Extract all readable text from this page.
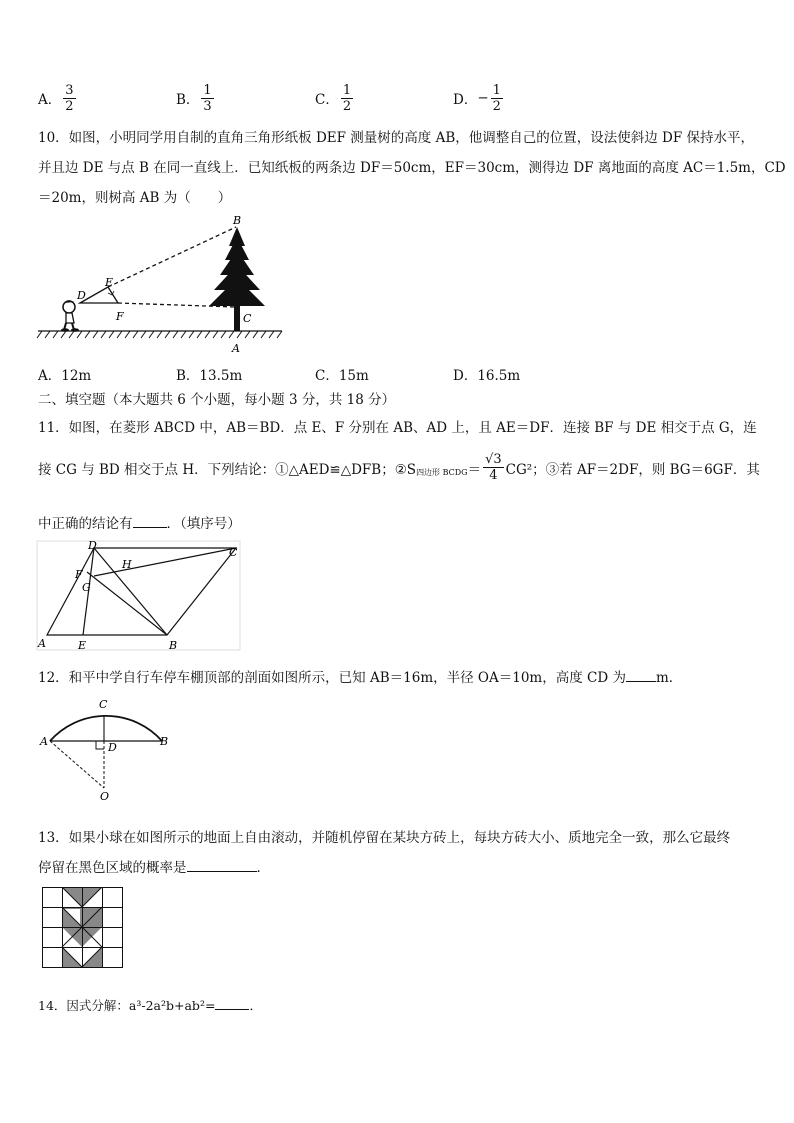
A． $\frac{3}{2}$	B． $\frac{1}{3}$	C． $\frac{1}{2}$	D． − $\frac{1}{2}$
10．如图，小明同学用自制的直角三角形纸板 DEF 测量树的高度 AB，他调整自己的位置，设法使斜边 DF 保持水平，
并且边 DE 与点 B 在同一直线上．已知纸板的两条边 DF＝50cm，EF＝30cm，测得边 DF 离地面的高度 AC＝1.5m，CD
＝20m，则树高 AB 为（　　）
B
E
D
F	C
A
A．12m	B．13.5m	C．15m	D．16.5m
二、填空题（本大题共 6 个小题，每小题 3 分，共 18 分）
11．如图，在菱形 ABCD 中，AB＝BD．点 E、F 分别在 AB、AD 上，且 AE＝DF．连接 BF 与 DE 相交于点 G，连
接 CG 与 BD 相交于点 H．下列结论：①△AED≌△DFB；②S 四边形 BCDG ＝ $\frac{√3}{4} CG^2$；③若 AF＝2DF，则 BG＝6GF．其
中正确的结论有	．（填序号）
D
C
F
H
G
A	E	B
12．和平中学自行车停车棚顶部的剖面如图所示，已知 AB＝16m，半径 OA＝10m，高度 CD 为 m．
C
A	D	B
O
13．如果小球在如图所示的地面上自由滚动，并随机停留在某块方砖上，每块方砖大小、质地完全一致，那么它最终
停留在黑色区域的概率是	．
14．因式分解：a³-2a²b+ab²=	．
